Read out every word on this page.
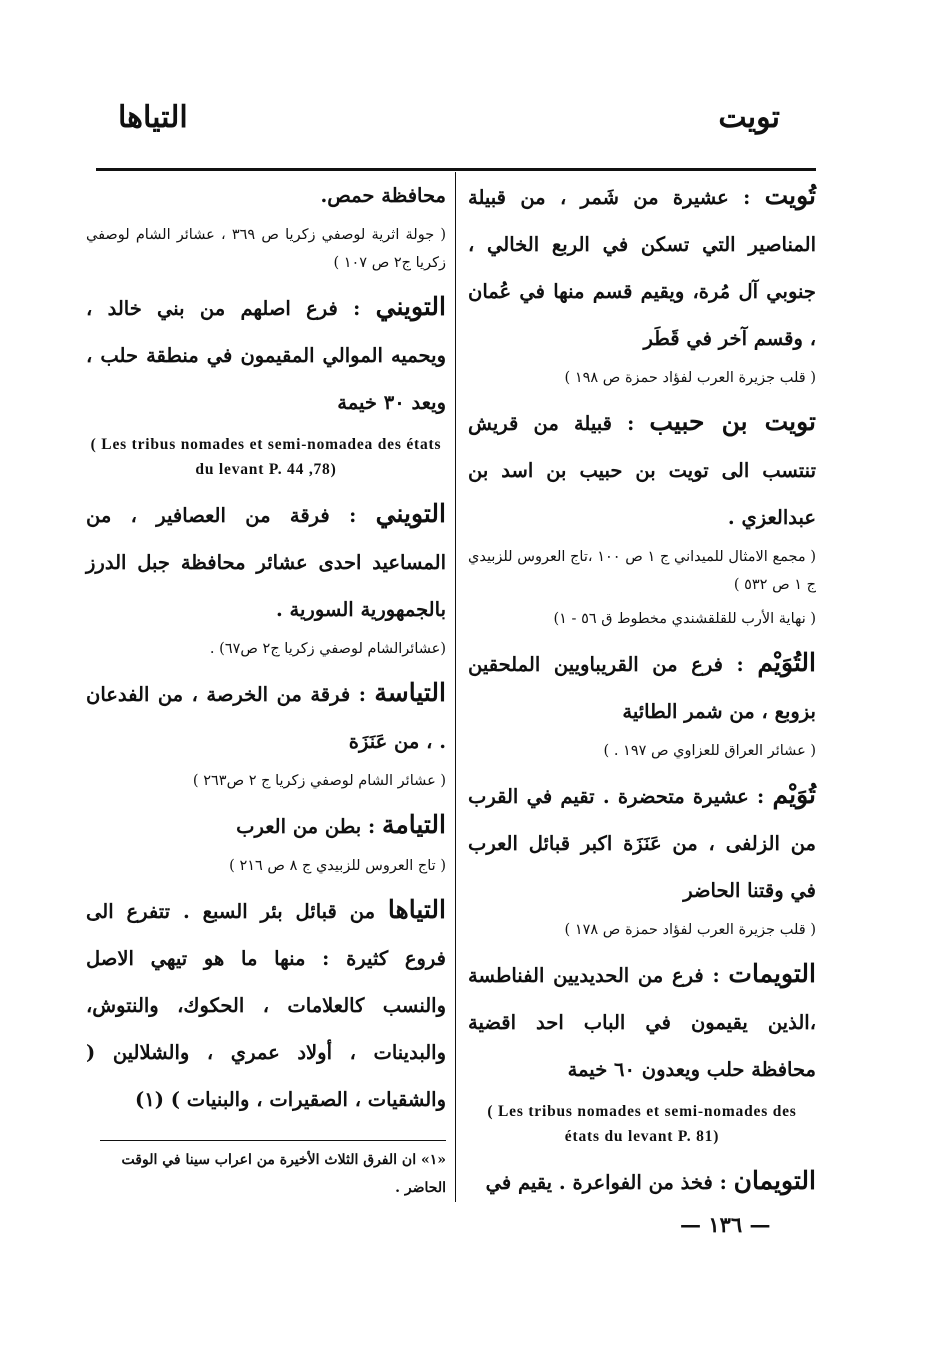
التياها	تويت

محافظة حمص.

( جولة اثرية لوصفي زكريا ص ٣٦٩ ، عشائر الشام لوصفي زكريا ج٢ ص ١٠٧ )

التويني : فرع اصلهم من بني خالد ، ويحميه الموالي المقيمون في منطقة حلب ، ويعد ٣٠ خيمة

( Les tribus nomades et semi-nomadea des états du levant P. 44 ,78)

التويني : فرقة من العصافير ، من المساعيد احدى عشائر محافظة جبل الدرز بالجمهورية السورية .

(عشائرالشام لوصفي زكريا ج٢ ص٦٧) .

التياسة : فرقة من الخرصة ، من الفدعان . ، من عَنَزَة

( عشائر الشام لوصفي زكريا ج ٢ ص٢٦٣ )

التيامة : بطن من العرب

( تاج العروس للزبيدي ج ٨ ص ٢١٦ )

التياها من قبائل بئر السبع . تتفرع الى فروع كثيرة : منها ما هو تيهي الاصل والنسب كالعلامات ، الحكوك، والنتوش، والبدينات ، أولاد عمري ، والشلالين ( والشقيات ، الصقيرات ، والبنيات ) (١)

«١» ان الفرق الثلاث الأخيرة من اعراب سينا في الوقت الحاضر .

تُويت : عشيرة من شَمر ، من قبيلة المناصير التي تسكن في الربع الخالي ، جنوبي آل مُرة، ويقيم قسم منها في عُمان ، وقسم آخر في قَطَر

( قلب جزيرة العرب لفؤاد حمزة ص ١٩٨ )

تويت بن حبيب : قبيلة من قريش تنتسب الى تويت بن حبيب بن اسد بن عبدالعزي .

( مجمع الامثال للميداني ج ١ ص ١٠٠ ،تاج العروس للزبيدي ج ١ ص ٥٣٢ )

( نهاية الأرب للقلقشندي مخطوط ق ٥٦ - ١)

التُوَيْم : فرع من القريباويين الملحقين بزوبع ، من شمر الطائية

( عشائر العراق للعزاوي ص ١٩٧ . )

تُوَيْم : عشيرة متحضرة . تقيم في القرب من الزلفى ، من عَنَزَة اكبر قبائل العرب في وقتنا الحاضر

( قلب جزيرة العرب لفؤاد حمزة ص ١٧٨ )

التويمات : فرع من الحديديين الفناطسة ،الذين يقيمون في الباب احد اقضية محافظة حلب ويعدون ٦٠ خيمة

( Les tribus nomades et semi-nomades des états du levant P. 81)

التويمان : فخذ من الفواعرة . يقيم في

— ١٣٦ —
